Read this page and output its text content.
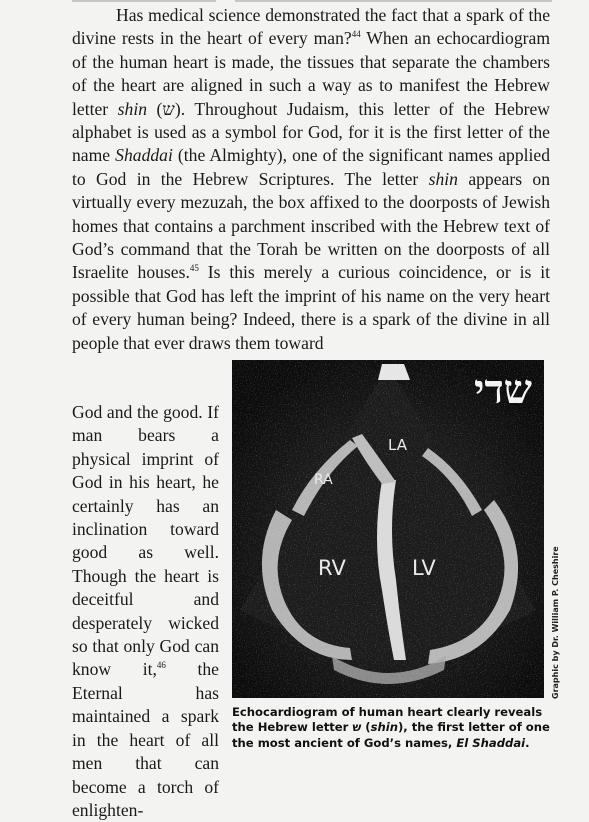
Has medical science demonstrated the fact that a spark of the divine rests in the heart of every man?$^{44}$ When an echocardiogram of the human heart is made, the tissues that separate the chambers of the heart are aligned in such a way as to manifest the Hebrew letter shin (ש). Throughout Judaism, this letter of the Hebrew alphabet is used as a symbol for God, for it is the first letter of the name Shaddai (the Almighty), one of the significant names applied to God in the Hebrew Scriptures. The letter shin appears on virtually every mezuzah, the box affixed to the doorposts of Jewish homes that contains a parchment inscribed with the Hebrew text of God’s command that the Torah be written on the doorposts of all Israelite houses.$^{45}$ Is this merely a curious coincidence, or is it possible that God has left the imprint of his name on the very heart of every human being? Indeed, there is a spark of the divine in all people that ever draws them toward

God and the good. If man bears a physical imprint of God in his heart, he certainly has an inclination toward good as well. Though the heart is deceitful and desperately wicked so that only God can know it,$^{46}$ the Eternal has maintained a spark in the heart of all men that can become a torch of enlighten-
שדי
LA
RA
RV	LV	Graphic by Dr. William P. Cheshire
Echocardiogram of human heart clearly reveals the Hebrew letter ש (shin), the first letter of one the most ancient of God’s names, El Shaddai.
